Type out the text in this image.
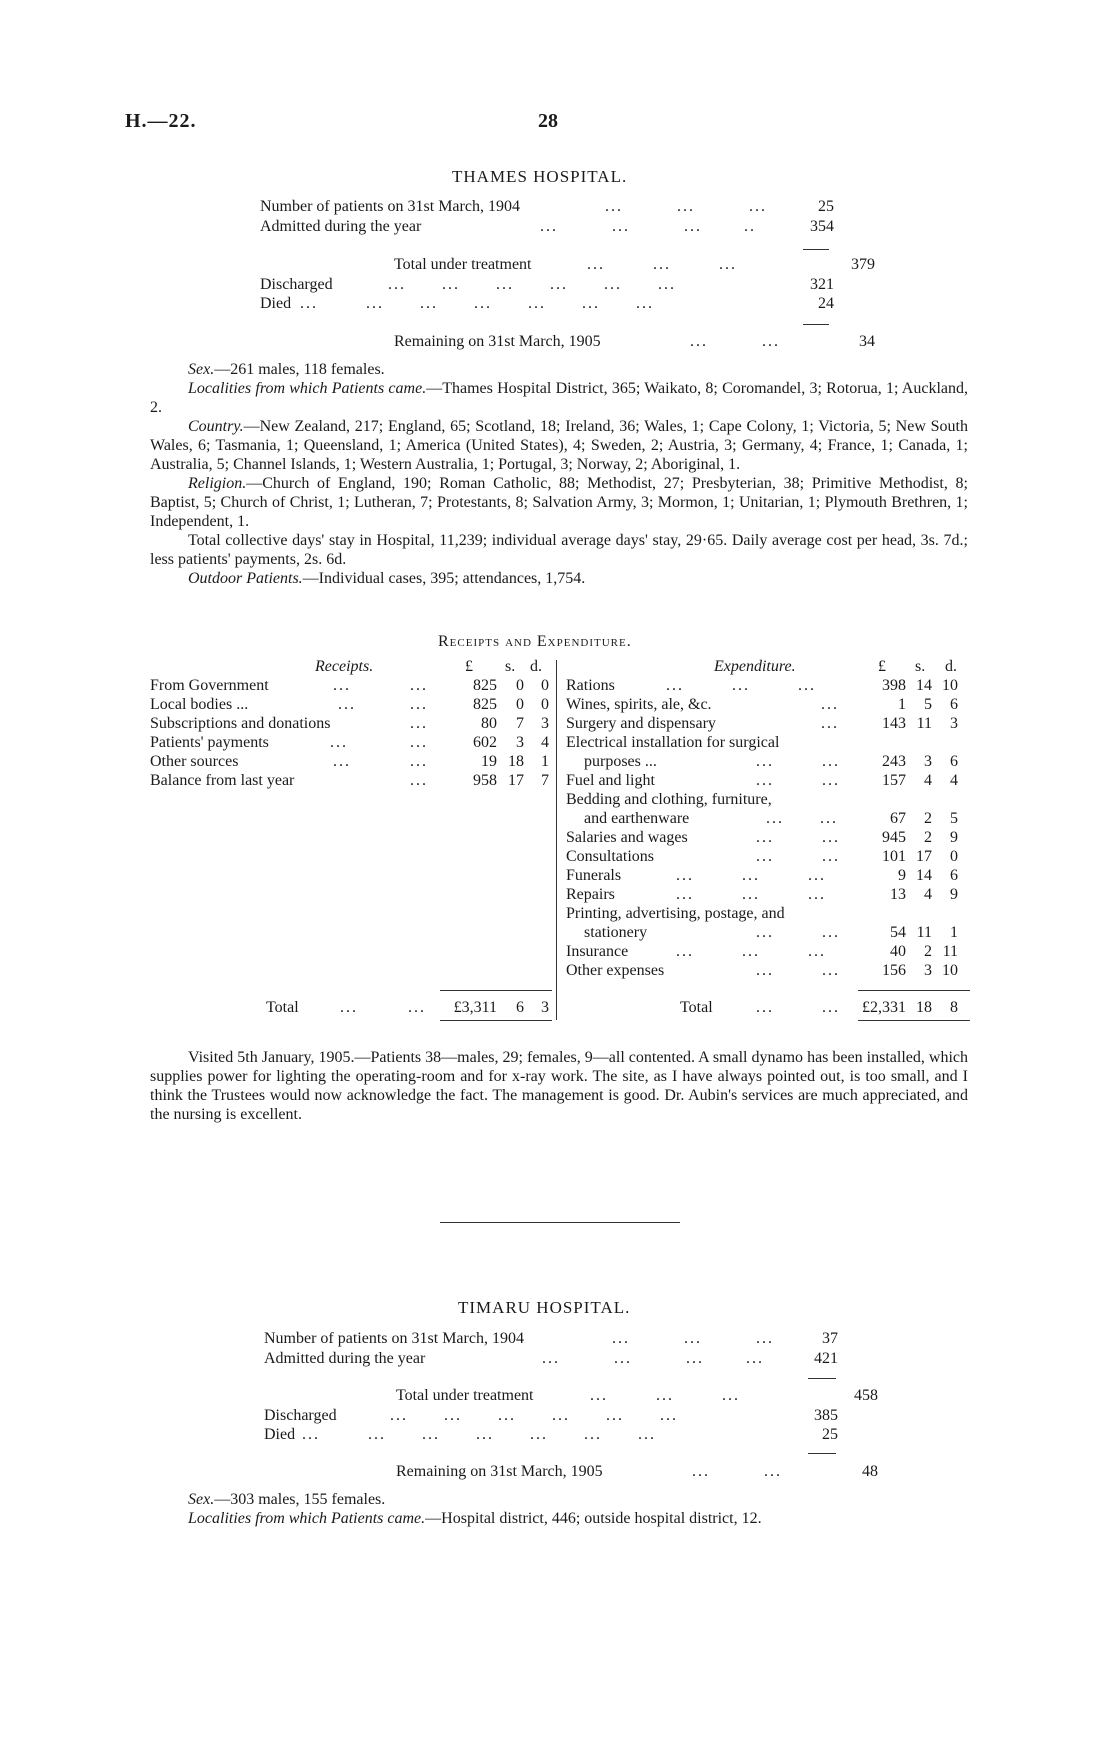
H.—22.	28
THAMES HOSPITAL.
Number of patients on 31st March, 1904	...         ...         ...	25
Admitted during the year	...         ...         ...       ..	354
Total under treatment	...        ...        ...	379
Discharged	...      ...      ...      ...      ...      ...	321
Died ...        ...      ...      ...      ...      ...      ...	24
Remaining on 31st March, 1905	...         ...	34

Sex.—261 males, 118 females.

Localities from which Patients came.—Thames Hospital District, 365; Waikato, 8; Coromandel, 3; Rotorua, 1; Auckland, 2.

Country.—New Zealand, 217; England, 65; Scotland, 18; Ireland, 36; Wales, 1; Cape Colony, 1; Victoria, 5; New South Wales, 6; Tasmania, 1; Queensland, 1; America (United States), 4; Sweden, 2; Austria, 3; Germany, 4; France, 1; Canada, 1; Australia, 5; Channel Islands, 1; Western Australia, 1; Portugal, 3; Norway, 2; Aboriginal, 1.

Religion.—Church of England, 190; Roman Catholic, 88; Methodist, 27; Presbyterian, 38; Primitive Methodist, 8; Baptist, 5; Church of Christ, 1; Lutheran, 7; Protestants, 8; Salvation Army, 3; Mormon, 1; Unitarian, 1; Plymouth Brethren, 1; Independent, 1.

Total collective days' stay in Hospital, 11,239; individual average days' stay, 29·65. Daily average cost per head, 3s. 7d.; less patients' payments, 2s. 6d.

Outdoor Patients.—Individual cases, 395; attendances, 1,754.

Receipts and Expenditure.
Receipts.	£ s. d.	Expenditure.	£ s. d.
From Government	...	...	825	0	0
Local bodies ...	...	...	825	0	0
Subscriptions and donations	...	80	7	3
Patients' payments	...	...	602	3	4
Other sources	...	...	19 18	1
Balance from last year	...	958 17	7
Rations	...        ...        ...	398 14 10
Wines, spirits, ale, &c.	...	1	5	6
Surgery and dispensary	...	143 11	3
Electrical installation for surgical
purposes ...	...        ...	243	3	6
Fuel and light	...        ...	157	4	4
Bedding and clothing, furniture,
and earthenware	...      ...	67	2	5
Salaries and wages	...        ...	945	2	9
Consultations	...        ...	101 17	0
Funerals	...        ...        ...	9 14	6
Repairs	...        ...        ...	13	4	9
Printing, advertising, postage, and
stationery	...        ...	54 11	1
Insurance	...        ...        ...	40	2 11
Other expenses	...        ...	156	3 10
Total	...	...	£3,311	6	3	Total	...        ...	£2,331 18	8

Visited 5th January, 1905.—Patients 38—males, 29; females, 9—all contented. A small dynamo has been installed, which supplies power for lighting the operating-room and for x-ray work. The site, as I have always pointed out, is too small, and I think the Trustees would now acknowledge the fact. The management is good. Dr. Aubin's services are much appreciated, and the nursing is excellent.

TIMARU HOSPITAL.
Number of patients on 31st March, 1904	...         ...         ...	37
Admitted during the year	...         ...         ...       ...	421
Total under treatment	...        ...        ...	458
Discharged	...      ...      ...      ...      ...      ...	385
Died ...        ...      ...      ...      ...      ...      ...	25
Remaining on 31st March, 1905	...         ...	48

Sex.—303 males, 155 females.

Localities from which Patients came.—Hospital district, 446; outside hospital district, 12.
